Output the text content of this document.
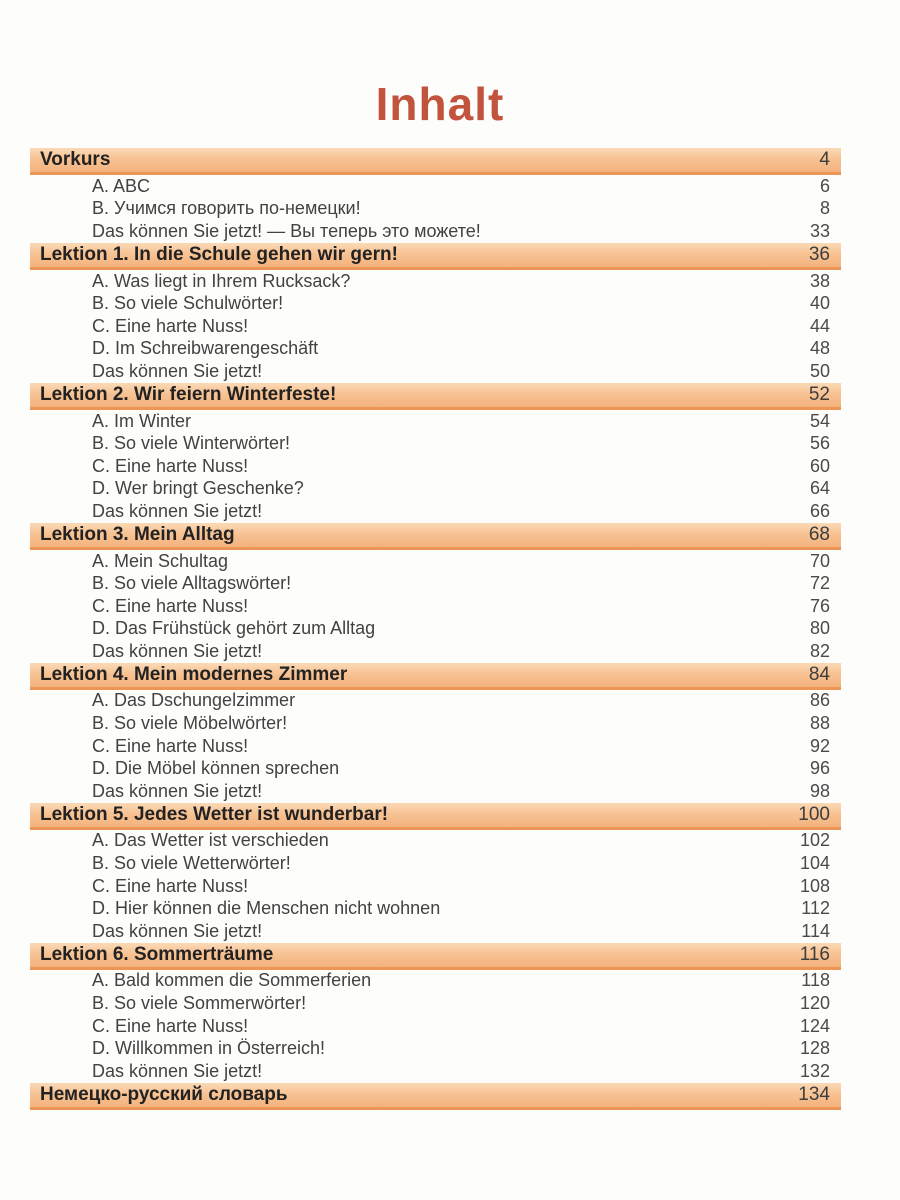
Inhalt
Vorkurs	4
A. ABC	6
В. Учимся говорить по-немецки!	8
Das können Sie jetzt! — Вы теперь это можете!	33
Lektion 1. In die Schule gehen wir gern!	36
A. Was liegt in Ihrem Rucksack?	38
B. So viele Schulwörter!	40
C. Eine harte Nuss!	44
D. Im Schreibwarengeschäft	48
Das können Sie jetzt!	50
Lektion 2. Wir feiern Winterfeste!	52
A. Im Winter	54
B. So viele Winterwörter!	56
C. Eine harte Nuss!	60
D. Wer bringt Geschenke?	64
Das können Sie jetzt!	66
Lektion 3. Mein Alltag	68
A. Mein Schultag	70
B. So viele Alltagswörter!	72
C. Eine harte Nuss!	76
D. Das Frühstück gehört zum Alltag	80
Das können Sie jetzt!	82
Lektion 4. Mein modernes Zimmer	84
A. Das Dschungelzimmer	86
B. So viele Möbelwörter!	88
C. Eine harte Nuss!	92
D. Die Möbel können sprechen	96
Das können Sie jetzt!	98
Lektion 5. Jedes Wetter ist wunderbar!	100
A. Das Wetter ist verschieden	102
B. So viele Wetterwörter!	104
C. Eine harte Nuss!	108
D. Hier können die Menschen nicht wohnen	112
Das können Sie jetzt!	114
Lektion 6. Sommerträume	116
A. Bald kommen die Sommerferien	118
B. So viele Sommerwörter!	120
C. Eine harte Nuss!	124
D. Willkommen in Österreich!	128
Das können Sie jetzt!	132
Немецко-русский словарь	134
